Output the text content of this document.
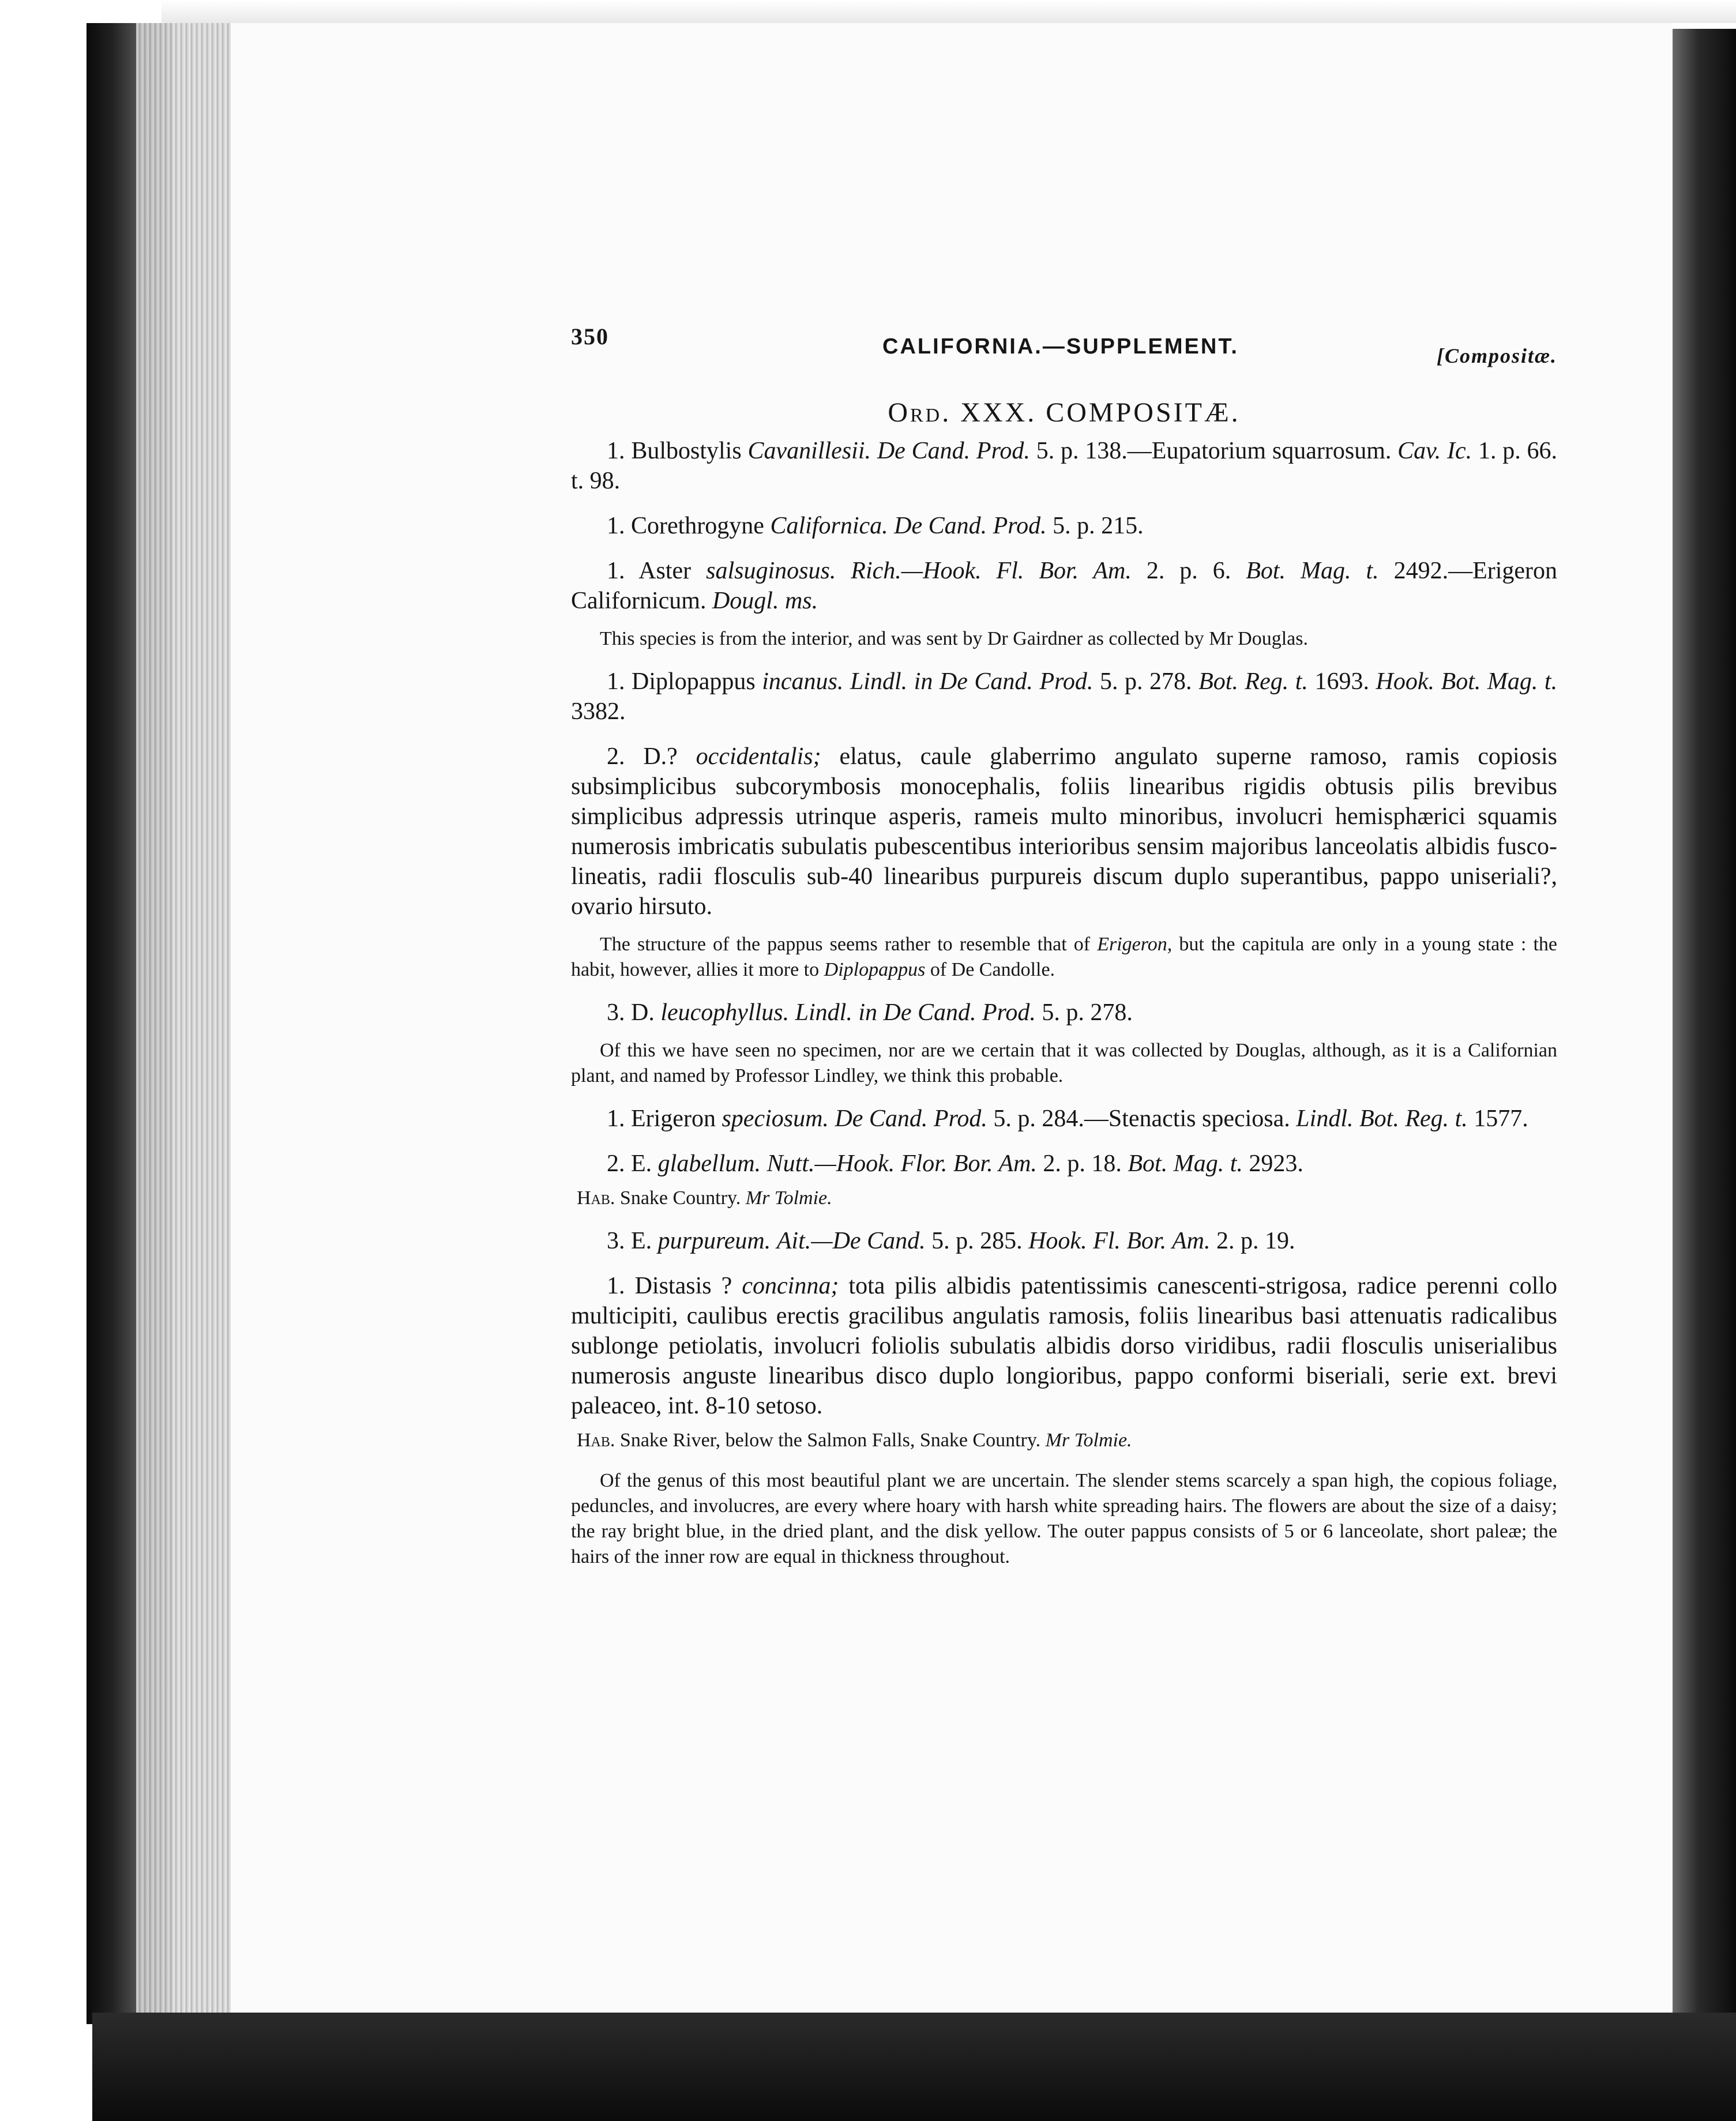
350	CALIFORNIA.—SUPPLEMENT.	[Compositæ.
Ord. XXX. COMPOSITÆ.

1. Bulbostylis Cavanillesii. De Cand. Prod. 5. p. 138.—Eupatorium squarrosum. Cav. Ic. 1. p. 66. t. 98.

1. Corethrogyne Californica. De Cand. Prod. 5. p. 215.

1. Aster salsuginosus. Rich.—Hook. Fl. Bor. Am. 2. p. 6. Bot. Mag. t. 2492.—Erigeron Californicum. Dougl. ms.

This species is from the interior, and was sent by Dr Gairdner as collected by Mr Douglas.

1. Diplopappus incanus. Lindl. in De Cand. Prod. 5. p. 278. Bot. Reg. t. 1693. Hook. Bot. Mag. t. 3382.

2. D.? occidentalis; elatus, caule glaberrimo angulato superne ramoso, ramis copiosis subsimplicibus subcorymbosis monocephalis, foliis linearibus rigidis obtusis pilis brevibus simplicibus adpressis utrinque asperis, rameis multo minoribus, involucri hemisphærici squamis numerosis imbricatis subulatis pubescentibus interioribus sensim majoribus lanceolatis albidis fusco-lineatis, radii flosculis sub-40 linearibus purpureis discum duplo superantibus, pappo uniseriali?, ovario hirsuto.

The structure of the pappus seems rather to resemble that of Erigeron, but the capitula are only in a young state : the habit, however, allies it more to Diplopappus of De Candolle.

3. D. leucophyllus. Lindl. in De Cand. Prod. 5. p. 278.

Of this we have seen no specimen, nor are we certain that it was collected by Douglas, although, as it is a Californian plant, and named by Professor Lindley, we think this probable.

1. Erigeron speciosum. De Cand. Prod. 5. p. 284.—Stenactis speciosa. Lindl. Bot. Reg. t. 1577.

2. E. glabellum. Nutt.—Hook. Flor. Bor. Am. 2. p. 18. Bot. Mag. t. 2923.

Hab. Snake Country. Mr Tolmie.

3. E. purpureum. Ait.—De Cand. 5. p. 285. Hook. Fl. Bor. Am. 2. p. 19.

1. Distasis ? concinna; tota pilis albidis patentissimis canescenti-strigosa, radice perenni collo multicipiti, caulibus erectis gracilibus angulatis ramosis, foliis linearibus basi attenuatis radicalibus sublonge petiolatis, involucri foliolis subulatis albidis dorso viridibus, radii flosculis uniserialibus numerosis anguste linearibus disco duplo longioribus, pappo conformi biseriali, serie ext. brevi paleaceo, int. 8-10 setoso.

Hab. Snake River, below the Salmon Falls, Snake Country. Mr Tolmie.

Of the genus of this most beautiful plant we are uncertain. The slender stems scarcely a span high, the copious foliage, peduncles, and involucres, are every where hoary with harsh white spreading hairs. The flowers are about the size of a daisy; the ray bright blue, in the dried plant, and the disk yellow. The outer pappus consists of 5 or 6 lanceolate, short paleæ; the hairs of the inner row are equal in thickness throughout.
